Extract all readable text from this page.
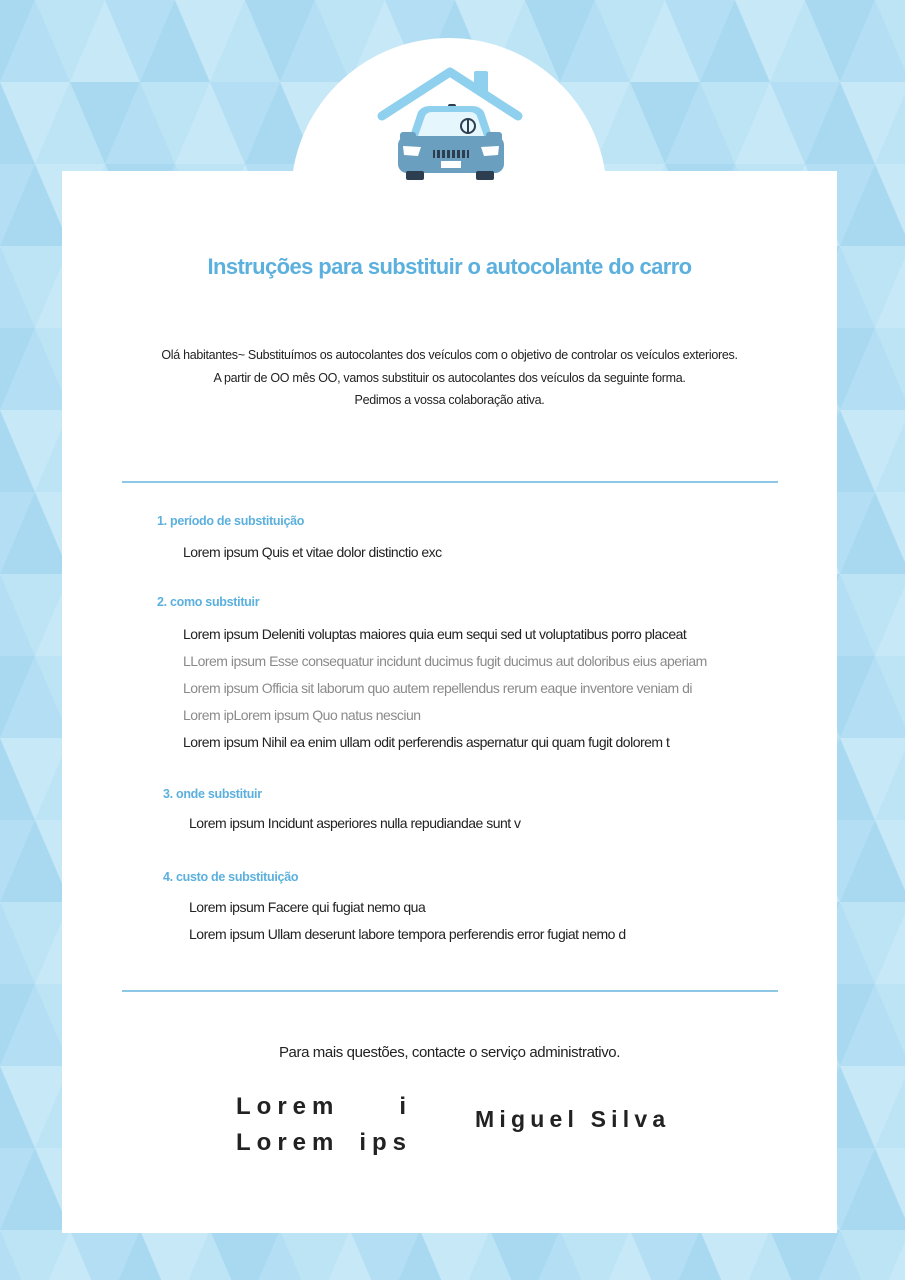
Instruções para substituir o autocolante do carro
Olá habitantes~ Substituímos os autocolantes dos veículos com o objetivo de controlar os veículos exteriores.
A partir de OO mês OO, vamos substituir os autocolantes dos veículos da seguinte forma.
Pedimos a vossa colaboração ativa.
1. período de substituição
Lorem ipsum Quis et vitae dolor distinctio exc
2. como substituir
Lorem ipsum Deleniti voluptas maiores quia eum sequi sed ut voluptatibus porro placeat
LLorem ipsum Esse consequatur incidunt ducimus fugit ducimus aut doloribus eius aperiam
Lorem ipsum Officia sit laborum quo autem repellendus rerum eaque inventore veniam di
Lorem ipLorem ipsum Quo natus nesciun
Lorem ipsum Nihil ea enim ullam odit perferendis aspernatur qui quam fugit dolorem t
3. onde substituir
Lorem ipsum Incidunt asperiores nulla repudiandae sunt v
4. custo de substituição
Lorem ipsum Facere qui fugiat nemo qua
Lorem ipsum Ullam deserunt labore tempora perferendis error fugiat nemo d
Para mais questões, contacte o serviço administrativo.
Lorem i
Lorem ips
Miguel Silva
